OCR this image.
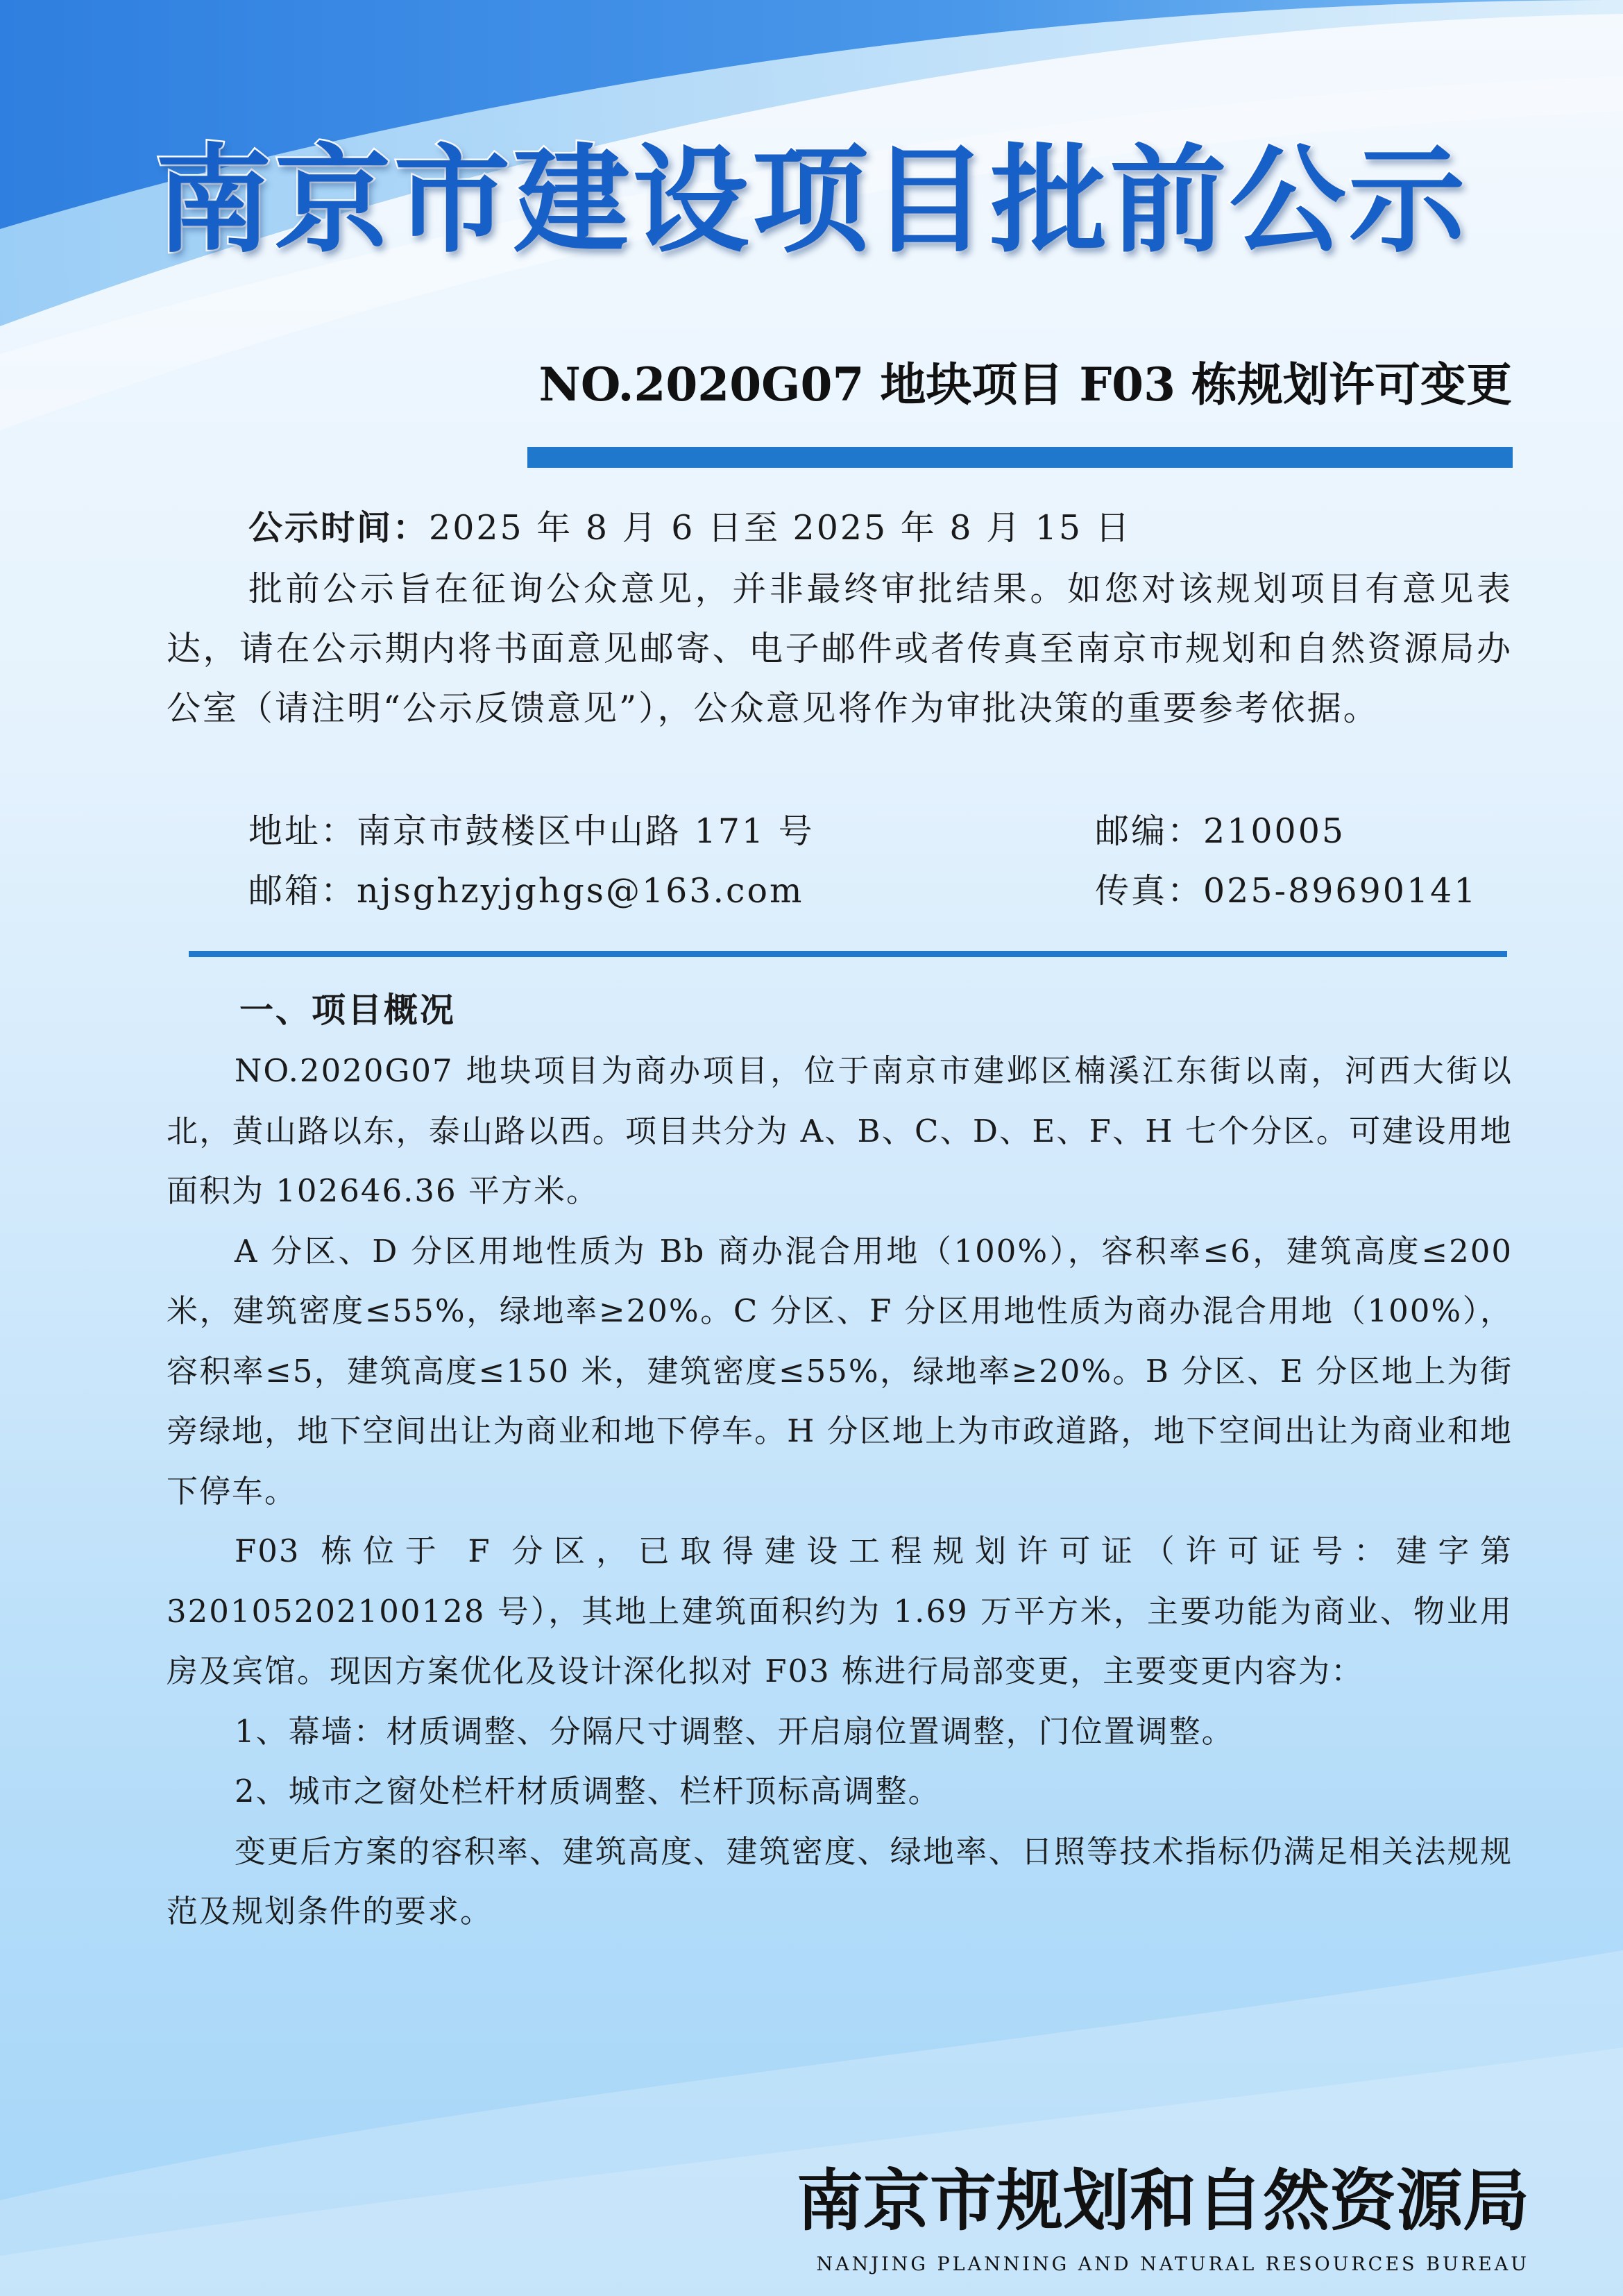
南京市建设项目批前公示
NO.2020G07 地块项目 F03 栋规划许可变更
公示时间：2025 年 8 月 6 日至 2025 年 8 月 15 日
批前公示旨在征询公众意见，并非最终审批结果。如您对该规划项目有意见表达，请在公示期内将书面意见邮寄、电子邮件或者传真至南京市规划和自然资源局办公室（请注明“公示反馈意见”），公众意见将作为审批决策的重要参考依据。
地址：南京市鼓楼区中山路 171 号	邮编：210005
邮箱：njsghzyjghgs@163.com	传真：025-89690141
一、项目概况

NO.2020G07 地块项目为商办项目，位于南京市建邺区楠溪江东街以南，河西大街以北，黄山路以东，泰山路以西。项目共分为 A、B、C、D、E、F、H 七个分区。可建设用地面积为 102646.36 平方米。

A 分区、D 分区用地性质为 Bb 商办混合用地（100%），容积率≤6，建筑高度≤200 米，建筑密度≤55%，绿地率≥20%。C 分区、F 分区用地性质为商办混合用地（100%），容积率≤5，建筑高度≤150 米，建筑密度≤55%，绿地率≥20%。B 分区、E 分区地上为街旁绿地，地下空间出让为商业和地下停车。H 分区地上为市政道路，地下空间出让为商业和地下停车。

F03 栋位于 F 分区，已取得建设工程规划许可证（许可证号：建字第 320105202100128 号），其地上建筑面积约为 1.69 万平方米，主要功能为商业、物业用房及宾馆。现因方案优化及设计深化拟对 F03 栋进行局部变更，主要变更内容为：

1、幕墙：材质调整、分隔尺寸调整、开启扇位置调整，门位置调整。

2、城市之窗处栏杆材质调整、栏杆顶标高调整。

变更后方案的容积率、建筑高度、建筑密度、绿地率、日照等技术指标仍满足相关法规规范及规划条件的要求。

南京市规划和自然资源局
NANJING PLANNING AND NATURAL RESOURCES BUREAU
